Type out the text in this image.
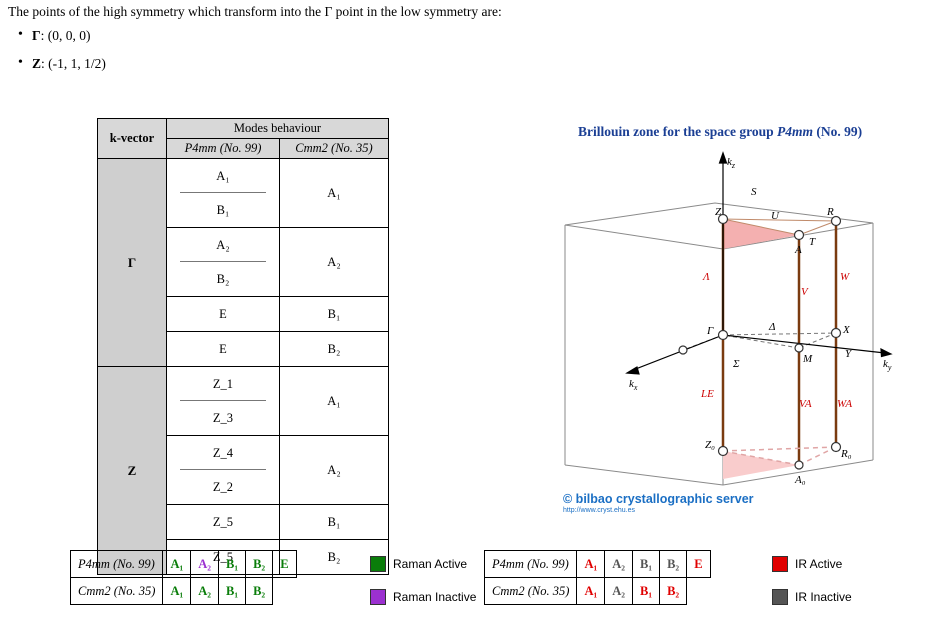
The points of the high symmetry which transform into the Γ point in the low symmetry are:
• Γ: (0, 0, 0)
• Z: (-1, 1, 1/2)
k-vector	Modes behaviour	
	P4mm (No. 99)	Cmm2 (No. 35)
Γ	A₁	A₁
	B₁	
	A₂	A₂
	B₂	
	E	B₁
	E	B₂
Z	Z_1	A₁
	Z_3	
	Z_4	A₂
	Z_2	
	Z_5	B₁
	Z_5	B₂
Brillouin zone for the space group P4mm (No. 99)
Z
S
U	R
T
A
Γ	Δ	X
M	Y
Σ
Z₀
A₀
R₀
Λ
V
W
LE
VA WA
$k_z$
$k_y$
$k_x$
© bilbao crystallographic server
http://www.cryst.ehu.es
P4mm (No. 99)	A₁	A₂	B₁	B₂	E
Cmm2 (No. 35)	A₁	A₂	B₁	B₂	
Raman Active
Raman Inactive
P4mm (No. 99)	A₁	A₂	B₁	B₂	E
Cmm2 (No. 35)	A₁	A₂	B₁	B₂	
IR Active
IR Inactive
